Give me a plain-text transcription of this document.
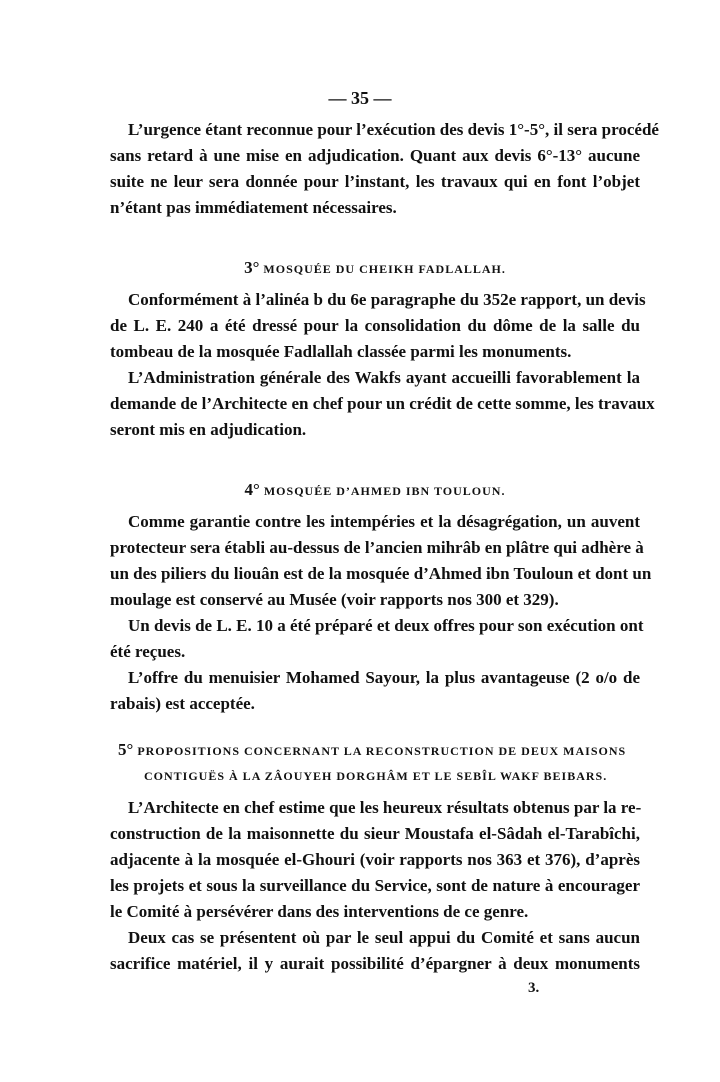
— 35 —
L’urgence étant reconnue pour l’exécution des devis 1°-5°, il sera procédé
sans retard à une mise en adjudication. Quant aux devis 6°-13° aucune
suite ne leur sera donnée pour l’instant, les travaux qui en font l’objet
n’étant pas immédiatement nécessaires.
3° MOSQUÉE DU CHEIKH FADLALLAH.
Conformément à l’alinéa b du 6e paragraphe du 352e rapport, un devis
de L. E. 240 a été dressé pour la consolidation du dôme de la salle du
tombeau de la mosquée Fadlallah classée parmi les monuments.
L’Administration générale des Wakfs ayant accueilli favorablement la
demande de l’Architecte en chef pour un crédit de cette somme, les travaux
seront mis en adjudication.
4° MOSQUÉE D’AHMED IBN TOULOUN.
Comme garantie contre les intempéries et la désagrégation, un auvent
protecteur sera établi au-dessus de l’ancien mihrâb en plâtre qui adhère à
un des piliers du liouân est de la mosquée d’Ahmed ibn Touloun et dont un
moulage est conservé au Musée (voir rapports nos 300 et 329).
Un devis de L. E. 10 a été préparé et deux offres pour son exécution ont
été reçues.
L’offre du menuisier Mohamed Sayour, la plus avantageuse (2 o/o de
rabais) est acceptée.
5° PROPOSITIONS CONCERNANT LA RECONSTRUCTION DE DEUX MAISONS
CONTIGUËS À LA ZÂOUYEH DORGHÂM ET LE SEBÎL WAKF BEIBARS.
L’Architecte en chef estime que les heureux résultats obtenus par la re-
construction de la maisonnette du sieur Moustafa el-Sâdah el-Tarabîchi,
adjacente à la mosquée el-Ghouri (voir rapports nos 363 et 376), d’après
les projets et sous la surveillance du Service, sont de nature à encourager
le Comité à persévérer dans des interventions de ce genre.
Deux cas se présentent où par le seul appui du Comité et sans aucun
sacrifice matériel, il y aurait possibilité d’épargner à deux monuments
3.
